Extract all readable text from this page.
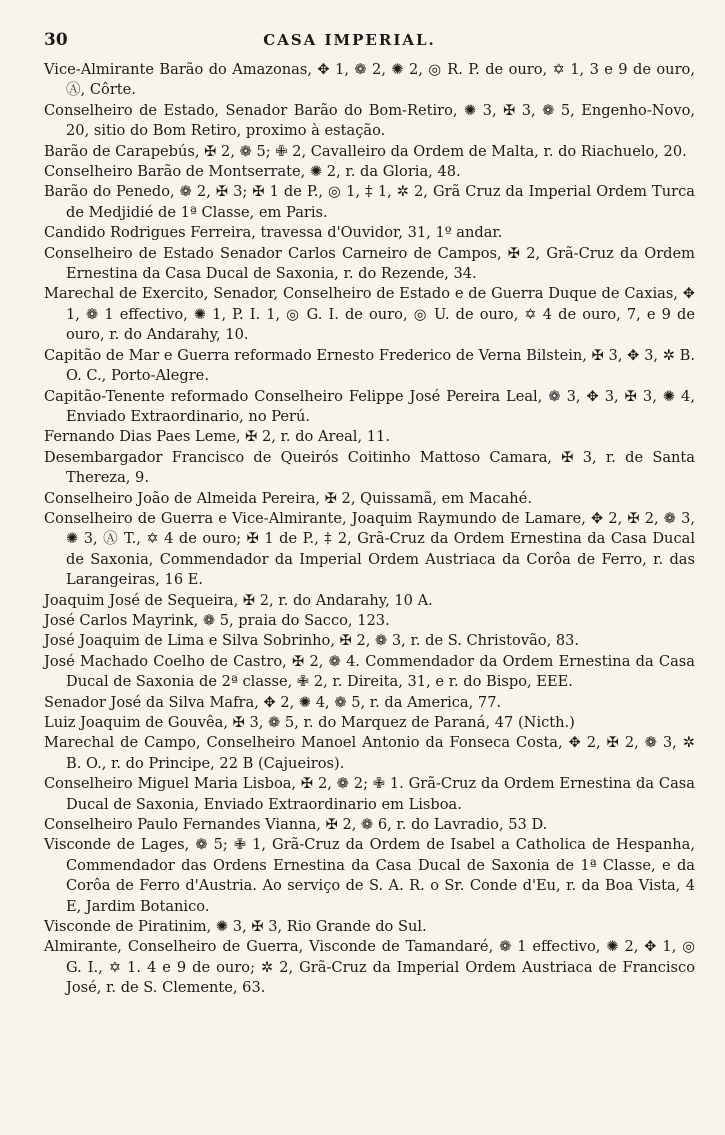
30	CASA IMPERIAL.
Vice-Almirante Barão do Amazonas, ✥ 1, ❁ 2, ✺ 2, ◎ R. P. de ouro, ✡ 1, 3 e 9 de ouro, Ⓐ, Côrte.
Conselheiro de Estado, Senador Barão do Bom-Retiro, ✺ 3, ✠ 3, ❁ 5, Engenho-Novo, 20, sitio do Bom Retiro, proximo à estação.
Barão de Carapebús, ✠ 2, ❁ 5; ✙ 2, Cavalleiro da Ordem de Malta, r. do Riachuelo, 20.
Conselheiro Barão de Montserrate, ✺ 2, r. da Gloria, 48.
Barão do Penedo, ❁ 2, ✠ 3; ✠ 1 de P., ◎ 1, ‡ 1, ✲ 2, Grã Cruz da Imperial Ordem Turca de Medjidié de 1ª Classe, em Paris.
Candido Rodrigues Ferreira, travessa d'Ouvidor, 31, 1º andar.
Conselheiro de Estado Senador Carlos Carneiro de Campos, ✠ 2, Grã-Cruz da Ordem Ernestina da Casa Ducal de Saxonia, r. do Rezende, 34.
Marechal de Exercito, Senador, Conselheiro de Estado e de Guerra Duque de Caxias, ✥ 1, ❁ 1 effectivo, ✺ 1, P. I. 1, ◎ G. I. de ouro, ◎ U. de ouro, ✡ 4 de ouro, 7, e 9 de ouro, r. do Andarahy, 10.
Capitão de Mar e Guerra reformado Ernesto Frederico de Verna Bilstein, ✠ 3, ✥ 3, ✲ B. O. C., Porto-Alegre.
Capitão-Tenente reformado Conselheiro Felippe José Pereira Leal, ❁ 3, ✥ 3, ✠ 3, ✺ 4, Enviado Extraordinario, no Perú.
Fernando Dias Paes Leme, ✠ 2, r. do Areal, 11.
Desembargador Francisco de Queirós Coitinho Mattoso Camara, ✠ 3, r. de Santa Thereza, 9.
Conselheiro João de Almeida Pereira, ✠ 2, Quissamã, em Macahé.
Conselheiro de Guerra e Vice-Almirante, Joaquim Raymundo de Lamare, ✥ 2, ✠ 2, ❁ 3, ✺ 3, Ⓐ T., ✡ 4 de ouro; ✠ 1 de P., ‡ 2, Grã-Cruz da Ordem Ernestina da Casa Ducal de Saxonia, Commendador da Imperial Ordem Austriaca da Corôa de Ferro, r. das Larangeiras, 16 E.
Joaquim José de Sequeira, ✠ 2, r. do Andarahy, 10 A.
José Carlos Mayrink, ❁ 5, praia do Sacco, 123.
José Joaquim de Lima e Silva Sobrinho, ✠ 2, ❁ 3, r. de S. Christovão, 83.
José Machado Coelho de Castro, ✠ 2, ❁ 4. Commendador da Ordem Ernestina da Casa Ducal de Saxonia de 2ª classe, ✙ 2, r. Direita, 31, e r. do Bispo, EEE.
Senador José da Silva Mafra, ✥ 2, ✺ 4, ❁ 5, r. da America, 77.
Luiz Joaquim de Gouvêa, ✠ 3, ❁ 5, r. do Marquez de Paraná, 47 (Nicth.)
Marechal de Campo, Conselheiro Manoel Antonio da Fonseca Costa, ✥ 2, ✠ 2, ❁ 3, ✲ B. O., r. do Principe, 22 B (Cajueiros).
Conselheiro Miguel Maria Lisboa, ✠ 2, ❁ 2; ✙ 1. Grã-Cruz da Ordem Ernestina da Casa Ducal de Saxonia, Enviado Extraordinario em Lisboa.
Conselheiro Paulo Fernandes Vianna, ✠ 2, ❁ 6, r. do Lavradio, 53 D.
Visconde de Lages, ❁ 5; ✙ 1, Grã-Cruz da Ordem de Isabel a Catholica de Hespanha, Commendador das Ordens Ernestina da Casa Ducal de Saxonia de 1ª Classe, e da Corôa de Ferro d'Austria. Ao serviço de S. A. R. o Sr. Conde d'Eu, r. da Boa Vista, 4 E, Jardim Botanico.
Visconde de Piratinim, ✺ 3, ✠ 3, Rio Grande do Sul.
Almirante, Conselheiro de Guerra, Visconde de Tamandaré, ❁ 1 effectivo, ✺ 2, ✥ 1, ◎ G. I., ✡ 1. 4 e 9 de ouro; ✲ 2, Grã-Cruz da Imperial Ordem Austriaca de Francisco José, r. de S. Clemente, 63.
